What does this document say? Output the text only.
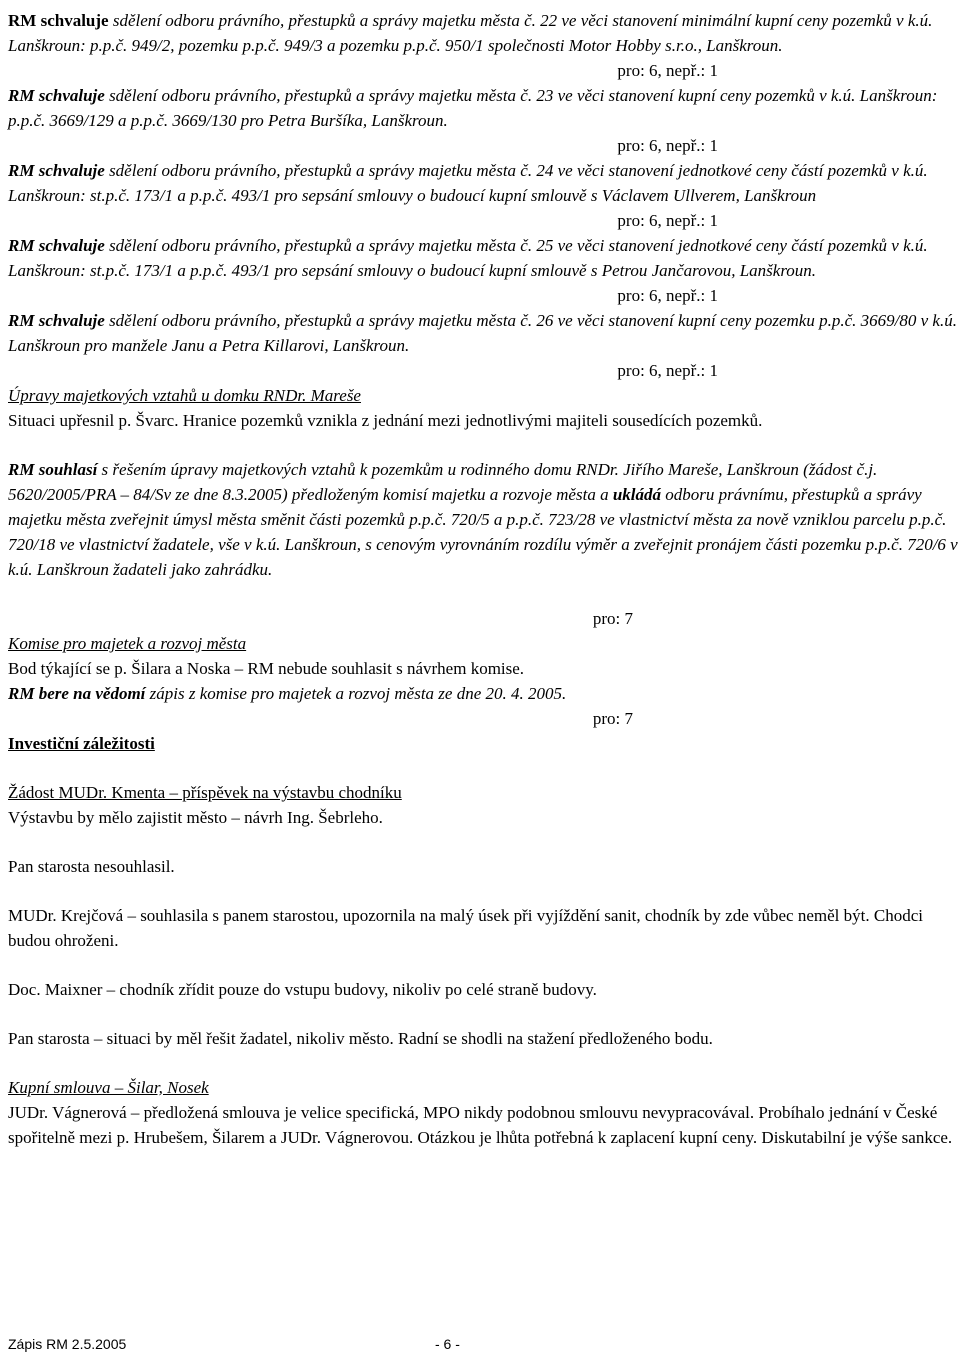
RM schvaluje sdělení odboru právního, přestupků a správy majetku města č. 22 ve věci stanovení minimální kupní ceny pozemků v k.ú. Lanškroun: p.p.č. 949/2, pozemku p.p.č. 949/3 a pozemku p.p.č. 950/1 společnosti Motor Hobby s.r.o., Lanškroun.

pro: 6, nepř.: 1

RM schvaluje sdělení odboru právního, přestupků a správy majetku města č. 23 ve věci stanovení kupní ceny pozemků v k.ú. Lanškroun: p.p.č. 3669/129 a p.p.č. 3669/130 pro Petra Buršíka, Lanškroun.

pro: 6, nepř.: 1

RM schvaluje sdělení odboru právního, přestupků a správy majetku města č. 24 ve věci stanovení jednotkové ceny částí pozemků v k.ú. Lanškroun: st.p.č. 173/1 a p.p.č. 493/1 pro sepsání smlouvy o budoucí kupní smlouvě s Václavem Ullverem, Lanškroun

pro: 6, nepř.: 1

RM schvaluje sdělení odboru právního, přestupků a správy majetku města č. 25 ve věci stanovení jednotkové ceny částí pozemků v k.ú. Lanškroun: st.p.č. 173/1 a p.p.č. 493/1 pro sepsání smlouvy o budoucí kupní smlouvě s Petrou Jančarovou, Lanškroun.

pro: 6, nepř.: 1

RM schvaluje sdělení odboru právního, přestupků a správy majetku města č. 26 ve věci stanovení kupní ceny pozemku p.p.č. 3669/80 v k.ú. Lanškroun pro manžele Janu a Petra Killarovi, Lanškroun.

pro: 6, nepř.: 1

Úpravy majetkových vztahů u domku RNDr. Mareše

Situaci upřesnil p. Švarc. Hranice pozemků vznikla z jednání mezi jednotlivými majiteli sousedících pozemků.

RM souhlasí s řešením úpravy majetkových vztahů k pozemkům u rodinného domu RNDr. Jiřího Mareše, Lanškroun (žádost č.j. 5620/2005/PRA – 84/Sv ze dne 8.3.2005) předloženým komisí majetku a rozvoje města a ukládá odboru právnímu, přestupků a správy majetku města zveřejnit úmysl města směnit části pozemků p.p.č. 720/5 a p.p.č. 723/28 ve vlastnictví města za nově vzniklou parcelu p.p.č. 720/18 ve vlastnictví žadatele, vše v k.ú. Lanškroun, s cenovým vyrovnáním rozdílu výměr a zveřejnit pronájem části pozemku p.p.č. 720/6 v k.ú. Lanškroun žadateli jako zahrádku.

pro: 7

Komise pro majetek a rozvoj města

Bod týkající se p. Šilara a Noska – RM nebude souhlasit s návrhem komise.

RM bere na vědomí zápis z komise pro majetek a rozvoj města ze dne 20. 4. 2005.

pro: 7

Investiční záležitosti

Žádost MUDr. Kmenta – příspěvek na výstavbu chodníku

Výstavbu by mělo zajistit město – návrh Ing. Šebrleho.

Pan starosta nesouhlasil.

MUDr. Krejčová – souhlasila s panem starostou, upozornila na malý úsek při vyjíždění sanit, chodník by zde vůbec neměl být. Chodci budou ohroženi.

Doc. Maixner – chodník zřídit pouze do vstupu budovy, nikoliv po celé straně budovy.

Pan starosta – situaci by měl řešit žadatel, nikoliv město. Radní se shodli na stažení předloženého bodu.

Kupní smlouva – Šilar, Nosek

JUDr. Vágnerová – předložená smlouva je velice specifická, MPO nikdy podobnou smlouvu nevypracovával. Probíhalo jednání v České spořitelně mezi p. Hrubešem, Šilarem a JUDr. Vágnerovou. Otázkou je lhůta potřebná k zaplacení kupní ceny. Diskutabilní je výše sankce.

Zápis RM 2.5.2005	- 6 -
